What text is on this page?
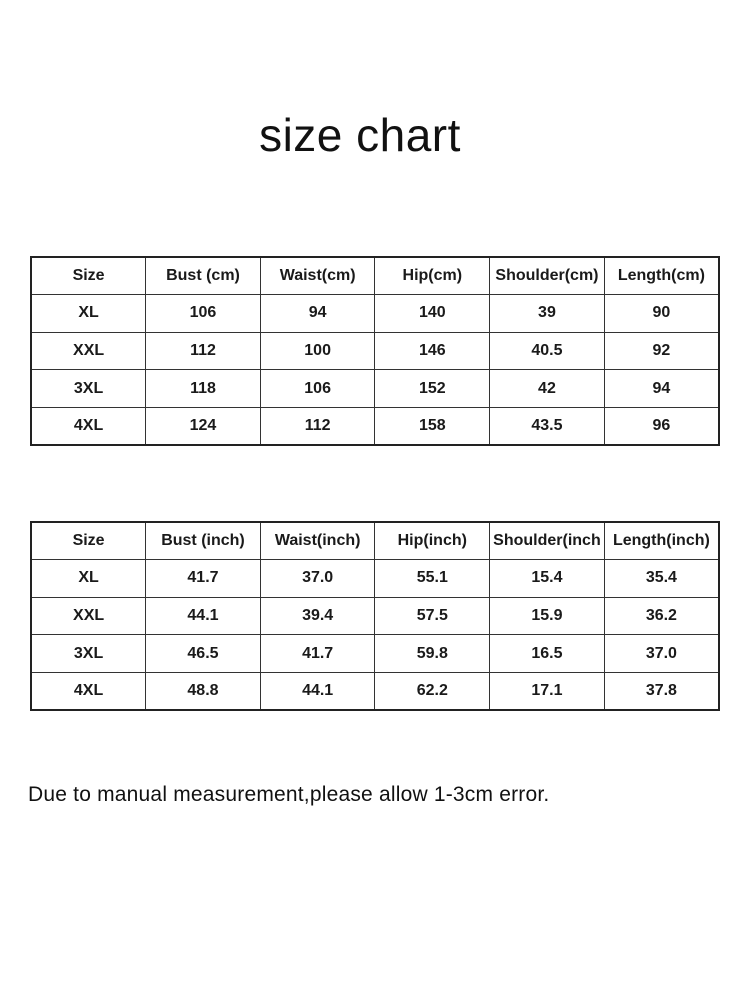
size chart
Size	Bust (cm)	Waist(cm)	Hip(cm)	Shoulder(cm)	Length(cm)
XL	106	94	140	39	90
XXL	112	100	146	40.5	92
3XL	118	106	152	42	94
4XL	124	112	158	43.5	96
Size	Bust (inch)	Waist(inch)	Hip(inch)	Shoulder(inch	Length(inch)
XL	41.7	37.0	55.1	15.4	35.4
XXL	44.1	39.4	57.5	15.9	36.2
3XL	46.5	41.7	59.8	16.5	37.0
4XL	48.8	44.1	62.2	17.1	37.8
Due to manual measurement,please allow 1-3cm error.
